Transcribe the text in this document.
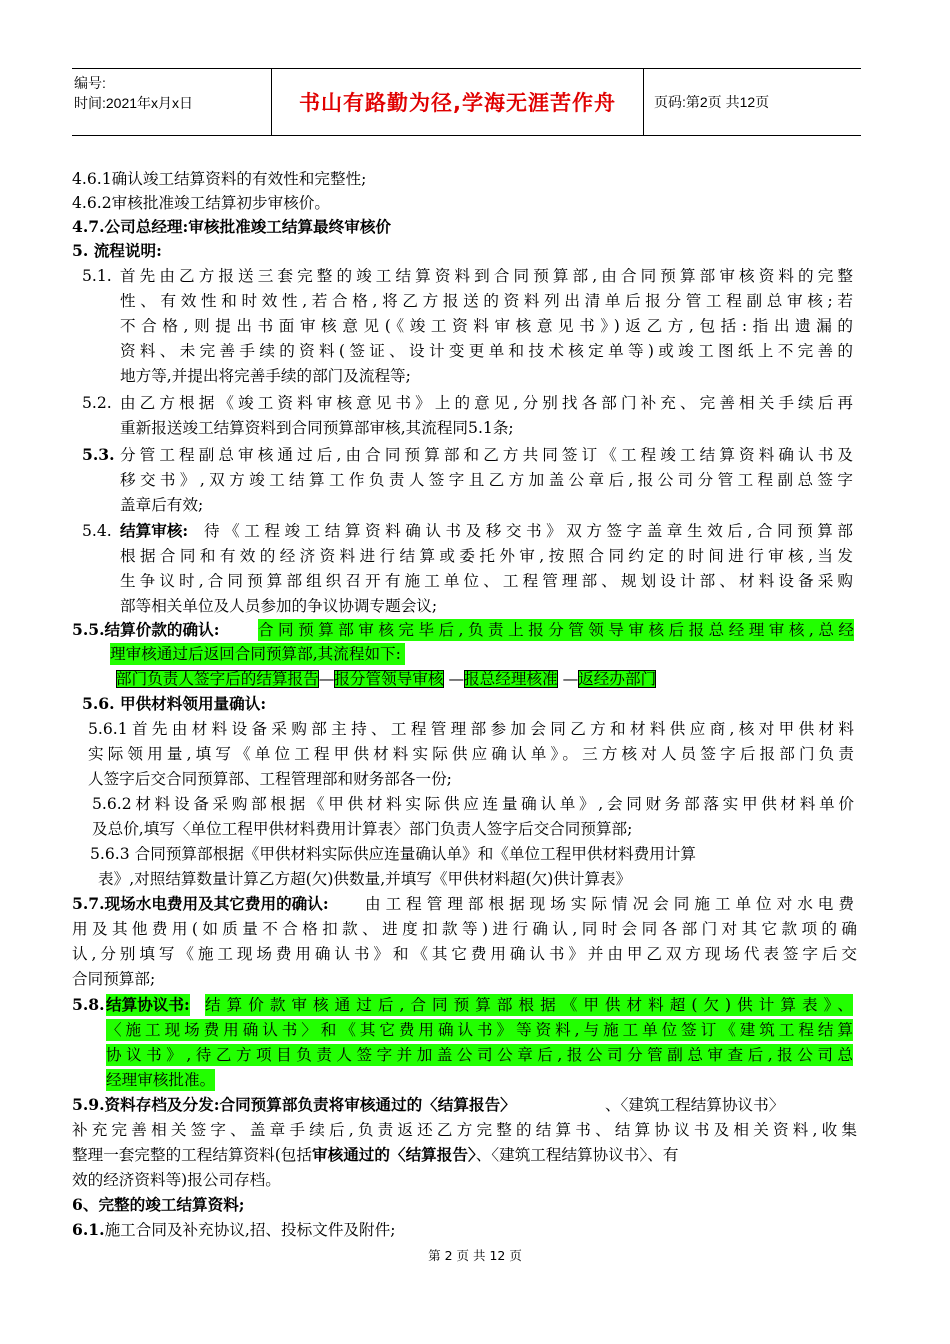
编号:
时间:2021年x月x日	书山有路勤为径,学海无涯苦作舟	页码:第2页 共12页
4.6.1确认竣工结算资料的有效性和完整性;
4.6.2审核批准竣工结算初步审核价。
4.7.公司总经理:审核批准竣工结算最终审核价
5. 流程说明:
5.1. 首先由乙方报送三套完整的竣工结算资料到合同预算部,由合同预算部审核资料的完整
性、有效性和时效性,若合格,将乙方报送的资料列出清单后报分管工程副总审核;若
不合格,则提出书面审核意见(《竣工资料审核意见书》)返乙方,包括:指出遗漏的
资料、未完善手续的资料(签证、设计变更单和技术核定单等)或竣工图纸上不完善的
地方等,并提出将完善手续的部门及流程等;
5.2. 由乙方根据《竣工资料审核意见书》上的意见,分别找各部门补充、完善相关手续后再
重新报送竣工结算资料到合同预算部审核,其流程同5.1条;
5.3. 分管工程副总审核通过后,由合同预算部和乙方共同签订《工程竣工结算资料确认书及
移交书》,双方竣工结算工作负责人签字且乙方加盖公章后,报公司分管工程副总签字
盖章后有效;
5.4. 结算审核: 待《工程竣工结算资料确认书及移交书》双方签字盖章生效后,合同预算部
根据合同和有效的经济资料进行结算或委托外审,按照合同约定的时间进行审核,当发
生争议时,合同预算部组织召开有施工单位、工程管理部、规划设计部、材料设备采购
部等相关单位及人员参加的争议协调专题会议;
5.5.结算价款的确认: 合同预算部审核完毕后,负责上报分管领导审核后报总经理审核,总经
理审核通过后返回合同预算部,其流程如下:
部门负责人签字后的结算报告—报分管领导审核 —报总经理核准 —返经办部门
5.6. 甲供材料领用量确认:
5.6.1首先由材料设备采购部主持、工程管理部参加会同乙方和材料供应商,核对甲供材料
实际领用量,填写《单位工程甲供材料实际供应确认单》。三方核对人员签字后报部门负责
人签字后交合同预算部、工程管理部和财务部各一份;
5.6.2材料设备采购部根据《甲供材料实际供应连量确认单》,会同财务部落实甲供材料单价
及总价,填写〈单位工程甲供材料费用计算表〉部门负责人签字后交合同预算部;
5.6.3 合同预算部根据《甲供材料实际供应连量确认单》和《单位工程甲供材料费用计算
表》,对照结算数量计算乙方超(欠)供数量,并填写《甲供材料超(欠)供计算表》
5.7.现场水电费用及其它费用的确认: 由工程管理部根据现场实际情况会同施工单位对水电费
用及其他费用(如质量不合格扣款、进度扣款等)进行确认,同时会同各部门对其它款项的确
认,分别填写《施工现场费用确认书》和《其它费用确认书》并由甲乙双方现场代表签字后交
合同预算部;
5.8. 结算协议书: 结算价款审核通过后,合同预算部根据《甲供材料超(欠)供计算表》、
〈施工现场费用确认书〉和《其它费用确认书》等资料,与施工单位签订《建筑工程结算
协议书》,待乙方项目负责人签字并加盖公司公章后,报公司分管副总审查后,报公司总
经理审核批准。
5.9.资料存档及分发:合同预算部负责将审核通过的〈结算报告〉	、〈建筑工程结算协议书〉
补充完善相关签字、盖章手续后,负责返还乙方完整的结算书、结算协议书及相关资料,收集
整理一套完整的工程结算资料(包括审核通过的〈结算报告〉、〈建筑工程结算协议书〉、有
效的经济资料等)报公司存档。
6、完整的竣工结算资料;
6.1.施工合同及补充协议,招、投标文件及附件;
第 2 页 共 12 页
